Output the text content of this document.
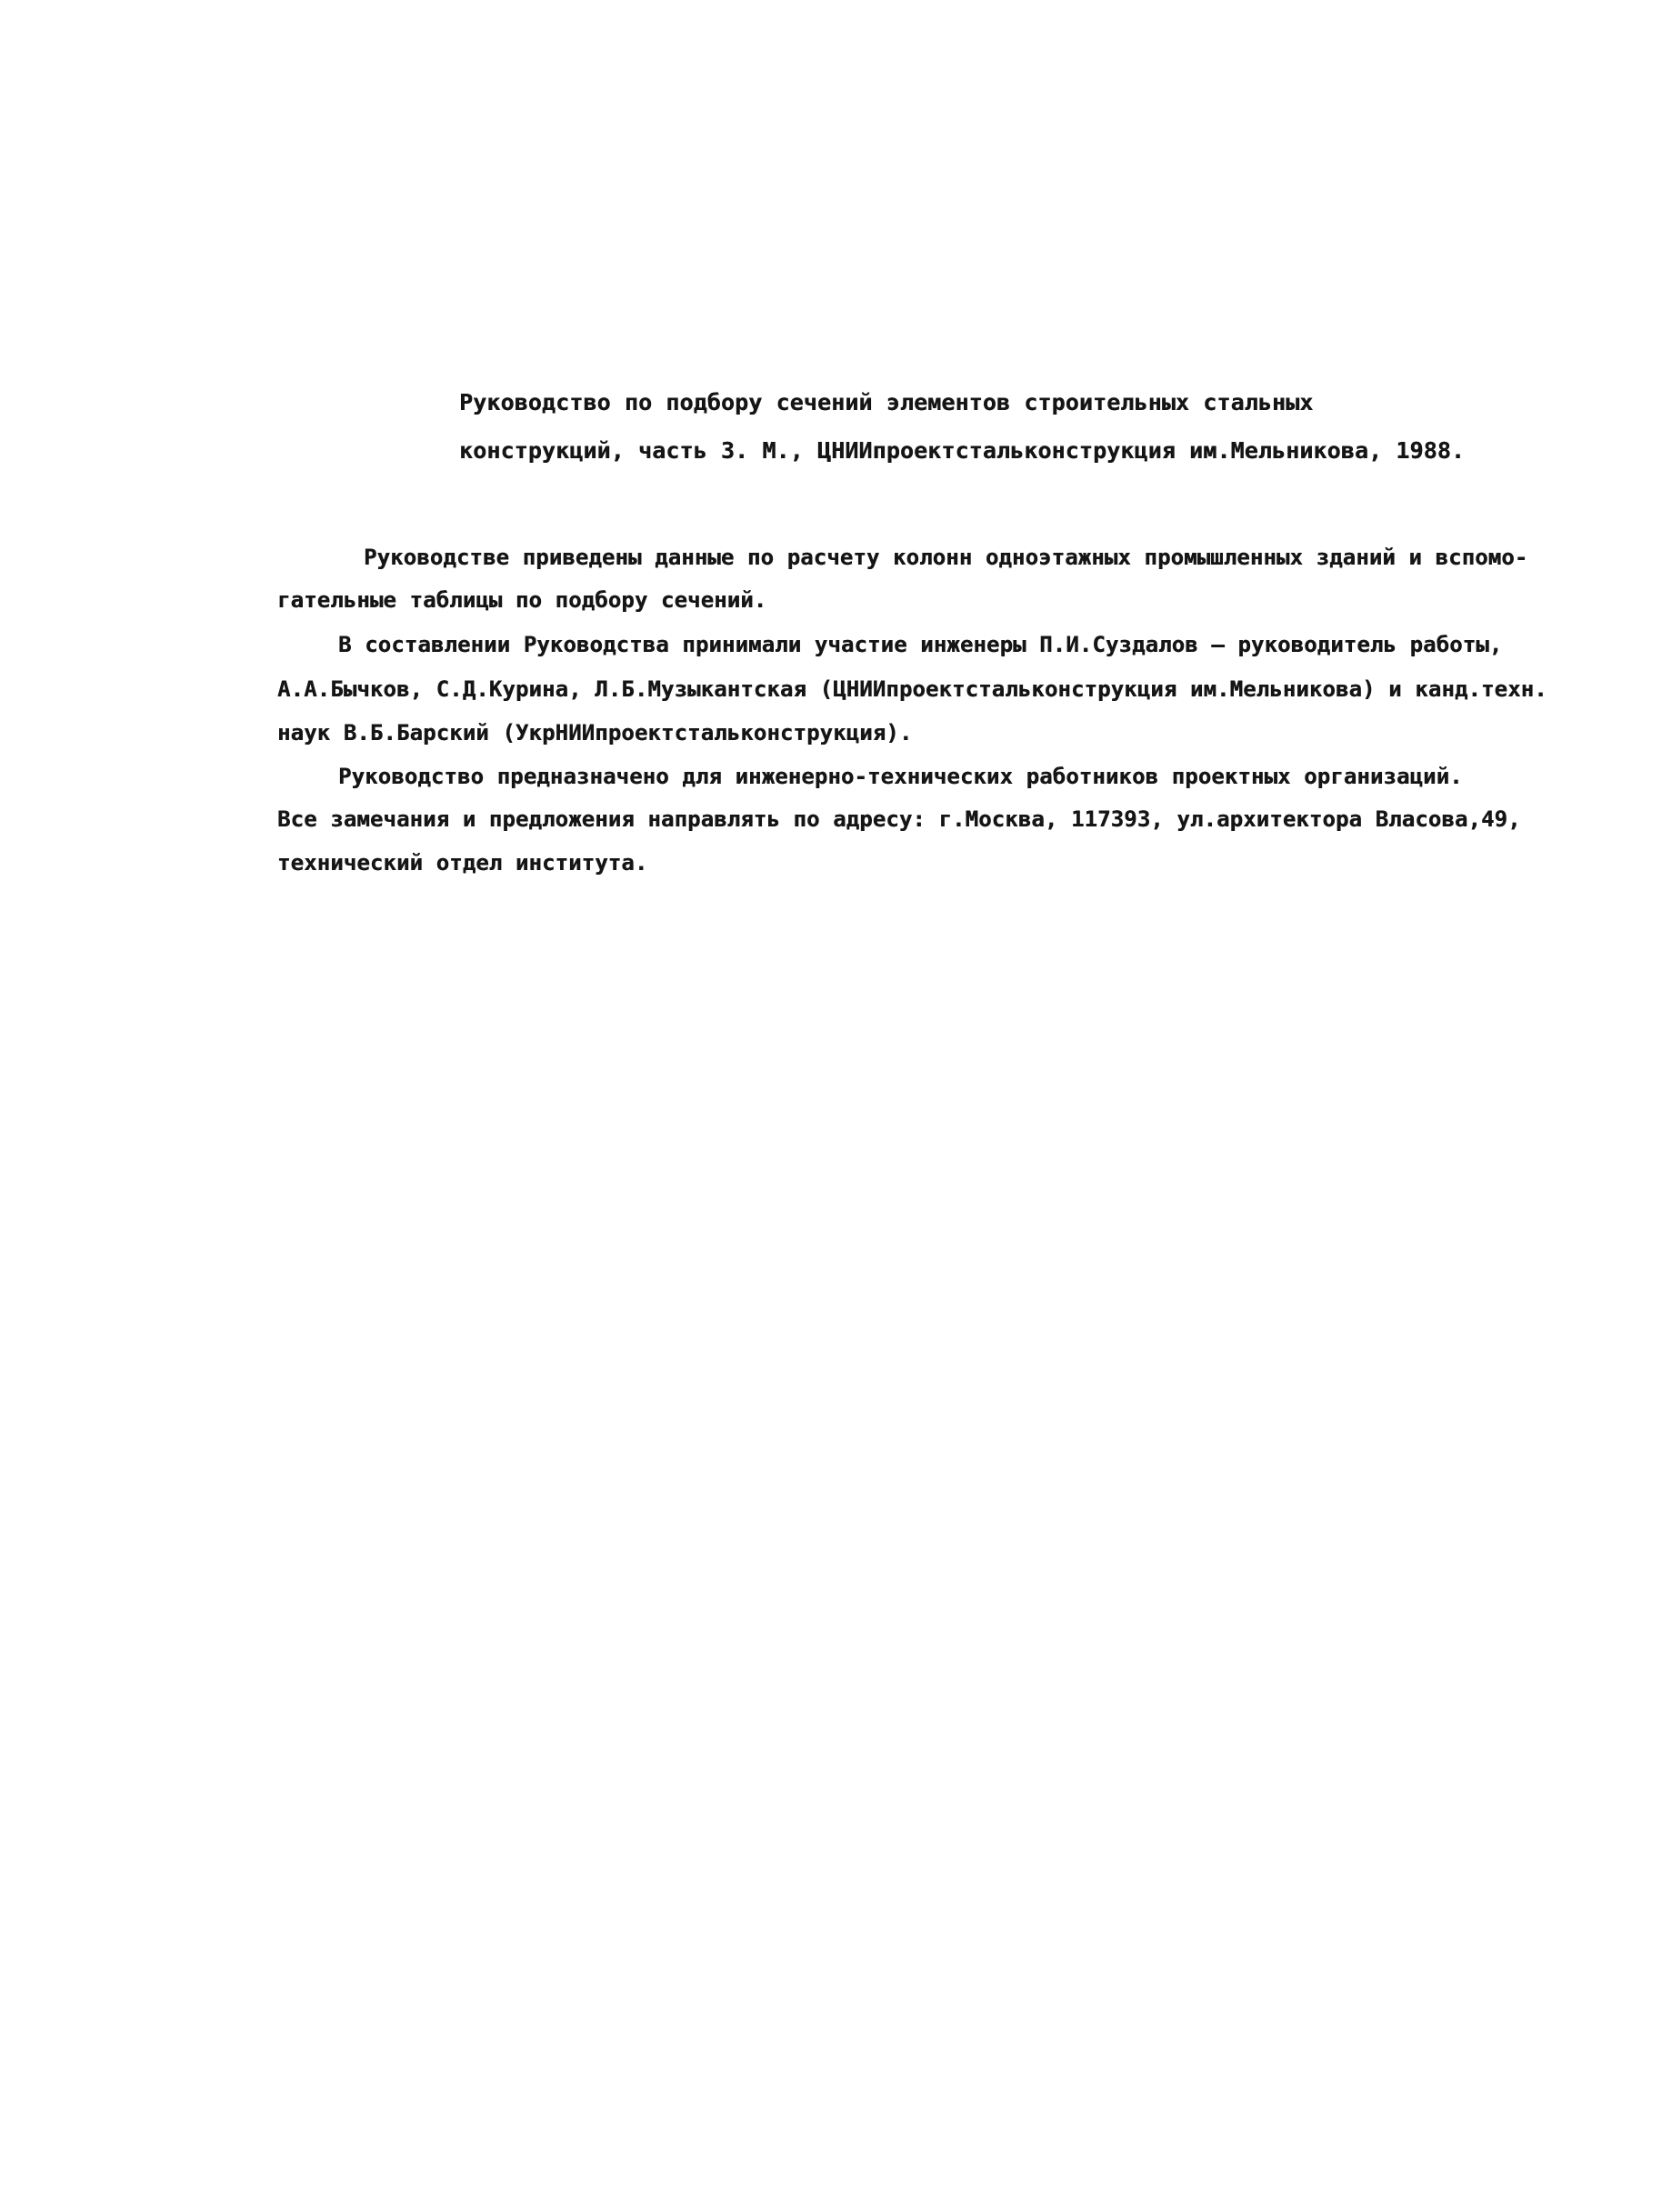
Руководство по подбору сечений элементов строительных стальных
конструкций, часть 3. М., ЦНИИпроектстальконструкция им.Мельникова, 1988.
Руководстве приведены данные по расчету колонн одноэтажных промышленных зданий и вспомо-
гательные таблицы по подбору сечений.
В составлении Руководства принимали участие инженеры П.И.Суздалов – руководитель работы,
А.А.Бычков, С.Д.Курина, Л.Б.Музыкантская (ЦНИИпроектстальконструкция им.Мельникова) и канд.техн.
наук В.Б.Барский (УкрНИИпроектстальконструкция).
Руководство предназначено для инженерно-технических работников проектных организаций.
Все замечания и предложения направлять по адресу: г.Москва, 117393, ул.архитектора Власова,49,
технический отдел института.
